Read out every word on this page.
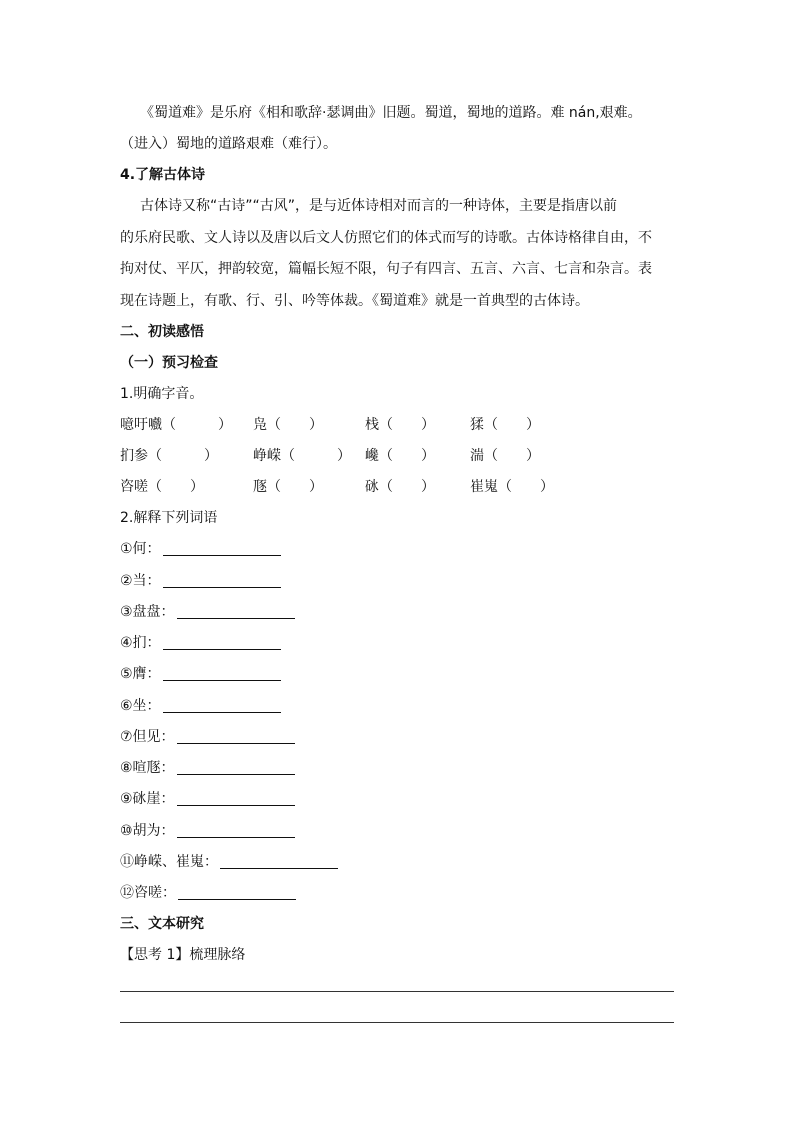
《蜀道难》是乐府《相和歌辞·瑟调曲》旧题。蜀道，蜀地的道路。难 nán,艰难。
（进入）蜀地的道路艰难（难行）。
4.了解古体诗
古体诗又称“古诗”“古风”，是与近体诗相对而言的一种诗体，主要是指唐以前
的乐府民歌、文人诗以及唐以后文人仿照它们的体式而写的诗歌。古体诗格律自由，不
拘对仗、平仄，押韵较宽，篇幅长短不限，句子有四言、五言、六言、七言和杂言。表
现在诗题上，有歌、行、引、吟等体裁。《蜀道难》就是一首典型的古体诗。
二、初读感悟
（一）预习检查
1.明确字音。
噫吁嚱（　　　） 凫（　　）	栈（　　）	猱（　　）
扪参（　　　）	峥嵘（　　　） 巉（　　）	湍（　　）
咨嗟（　　）	豗（　　）	砯（　　）	崔嵬（　　）
2.解释下列词语
①何：
②当：
③盘盘：
④扪：
⑤膺：
⑥坐：
⑦但见：
⑧喧豗：
⑨砯崖：
⑩胡为：
⑪峥嵘、崔嵬：
⑫咨嗟：
三、文本研究
【思考 1】梳理脉络
